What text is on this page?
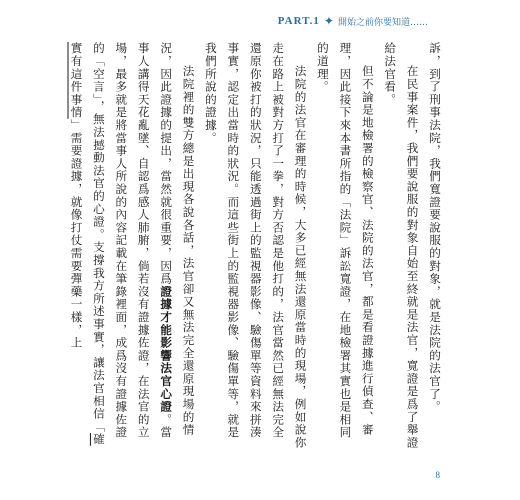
PART.1 ✦ 開始之前你要知道……

訴，到了刑事法院，我們寬證要說服的對象，就是法院的法官了。

在民事案件，我們要說服的對象自始至終就是法官，寬證是爲了舉證給法官看。

但不論是地檢署的檢察官、法院的法官，都是看證據進行偵查、審理，因此接下來本書所指的「法院」訴訟寬證，在地檢署其實也是相同的道理。

法院的法官在審理的時候，大多已經無法還原當時的現場，例如說你走在路上被對方打了一拳，對方否認是他打的，法官當然已經無法完全還原你被打的狀況，只能透過街上的監視器影像、驗傷單等資料來拼湊事實，認定出當時的狀況。而這些街上的監視器影像、驗傷單等，就是我們所說的證據。

法院裡的雙方總是出現各說各話，法官卻又無法完全還原現場的情況，因此證據的提出，當然就很重要，因爲證據才能影響法官心證。當事人講得天花亂墜、自認爲感人肺腑，倘若沒有證據佐證，在法官的立場，最多就是將當事人所說的內容記載在筆錄裡面，成爲沒有證據佐證的「空言」，無法撼動法官的心證。支撐我方所述事實，讓法官相信「確實有這件事情」需要證據，就像打仗需要彈藥一樣，上

8
